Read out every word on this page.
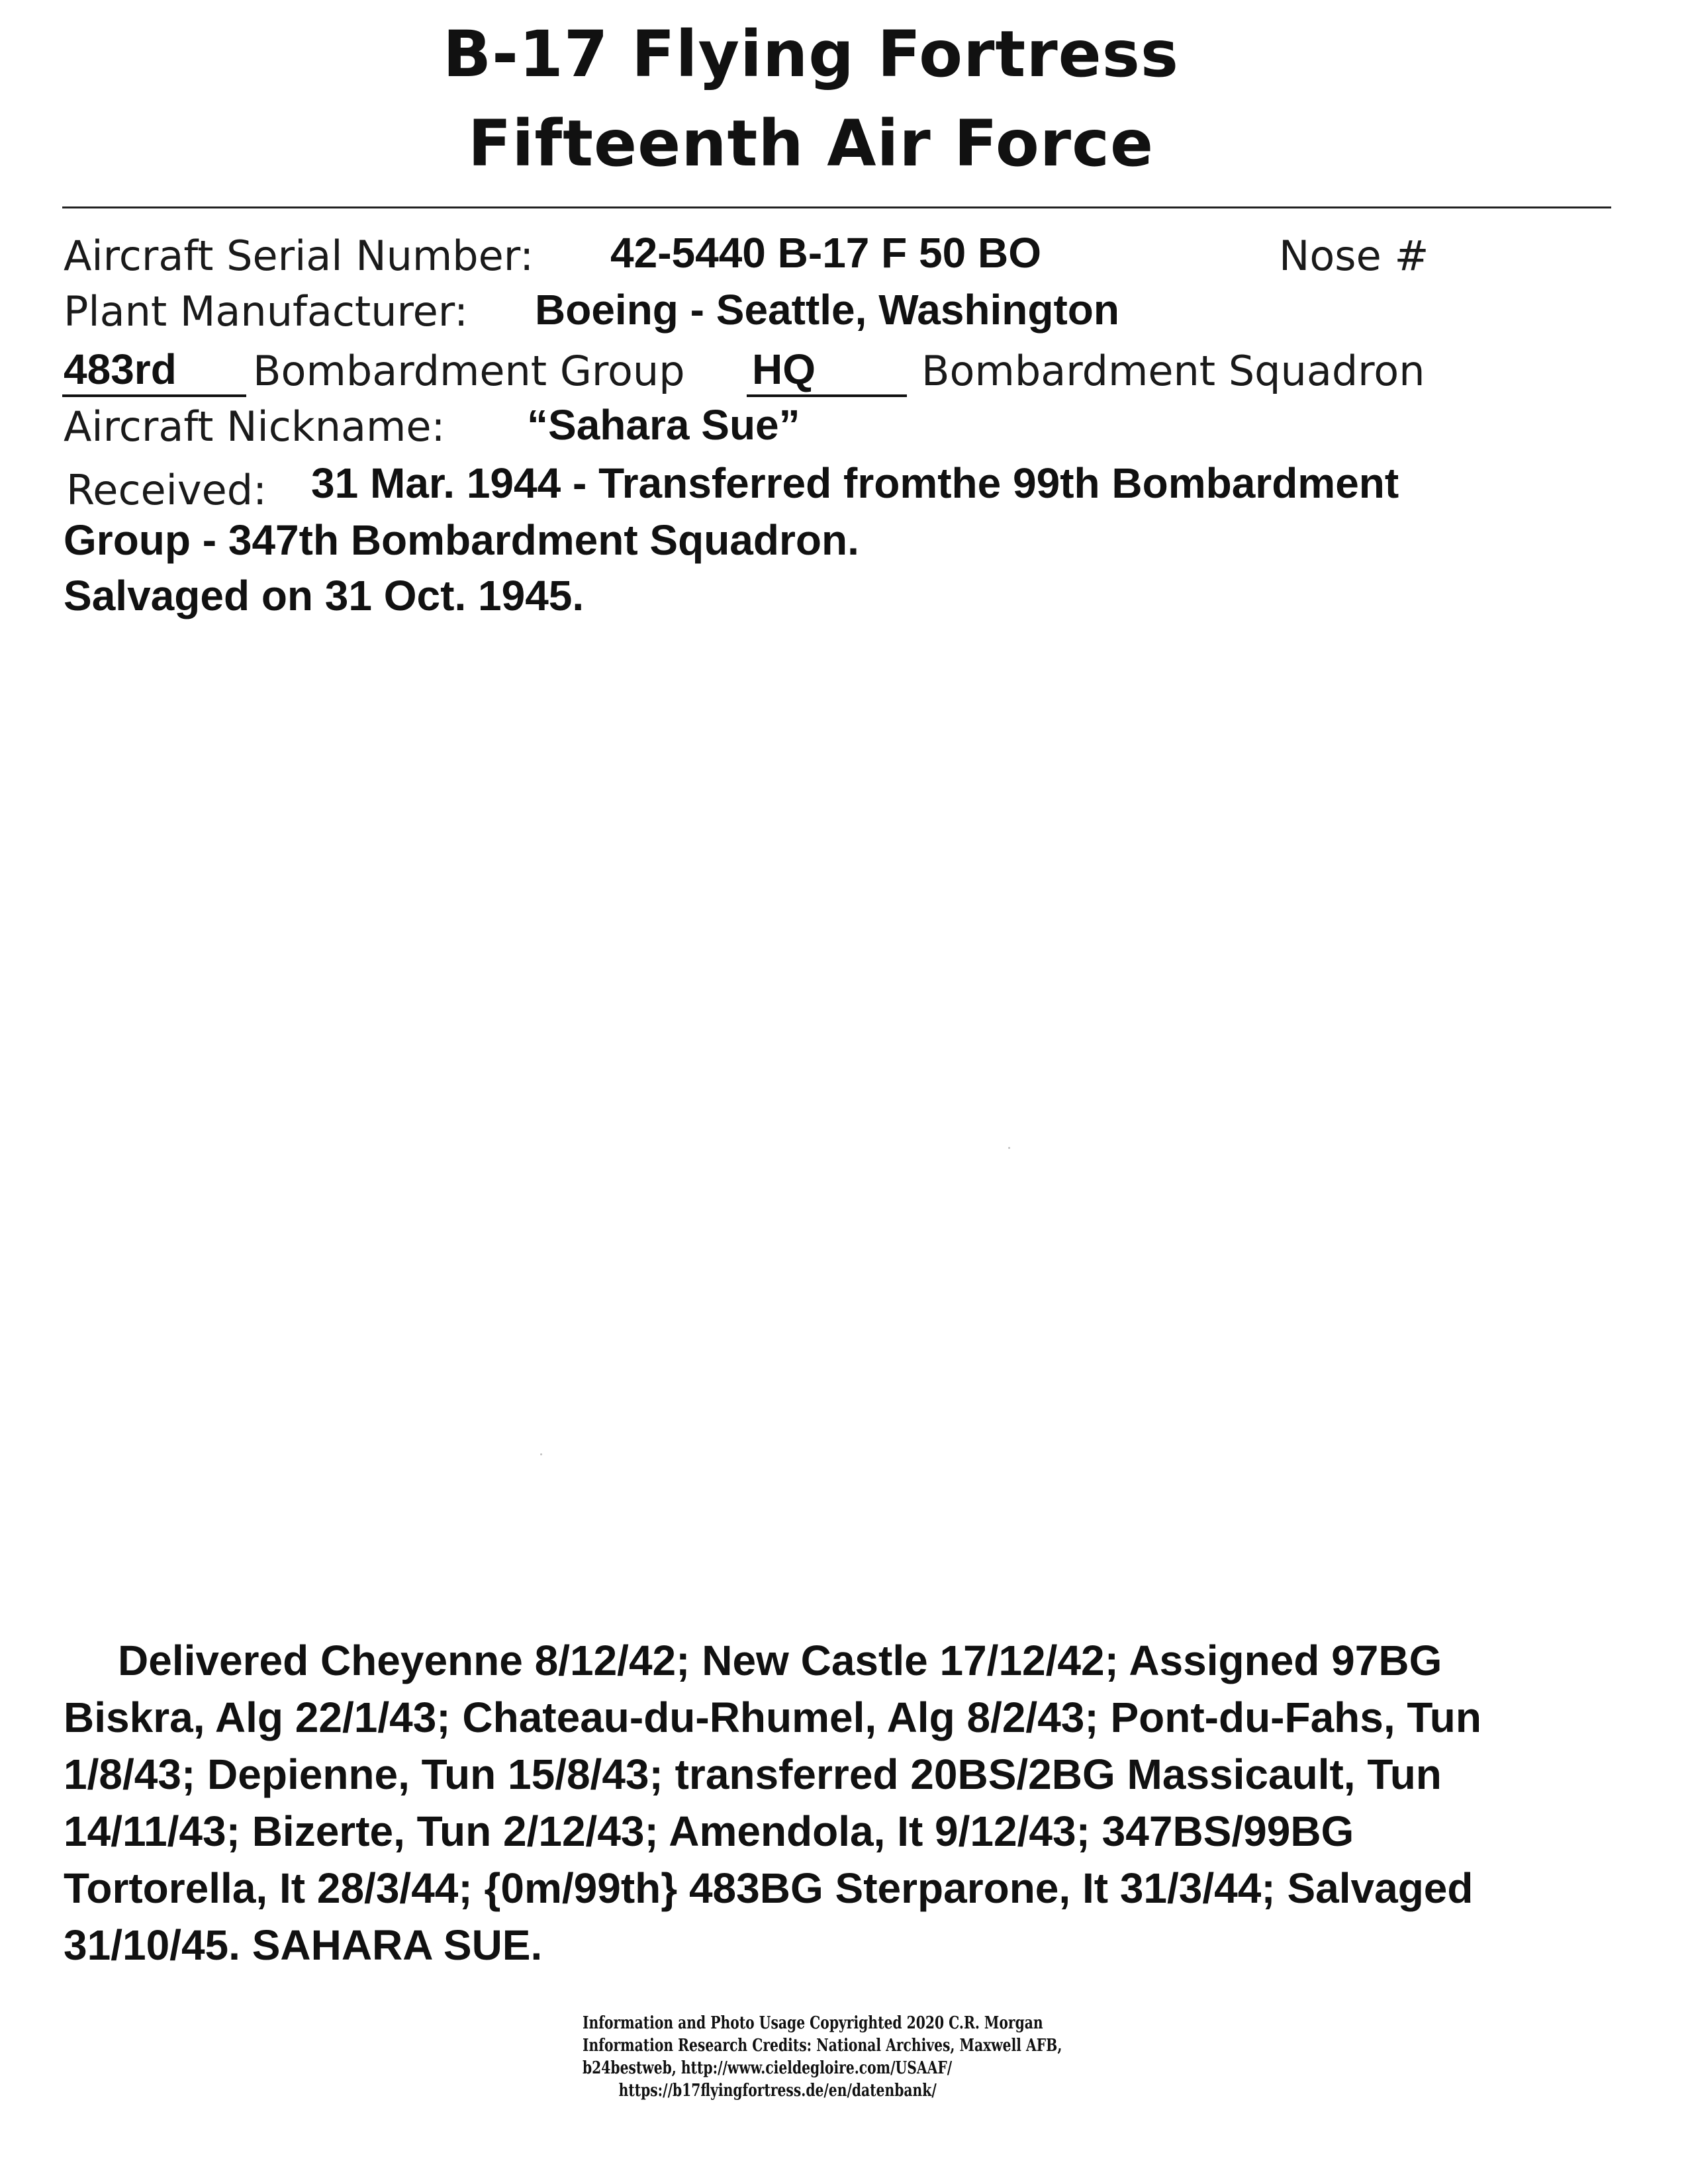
B-17 Flying Fortress
Fifteenth Air Force
Aircraft Serial Number: 42-5440 B-17 F 50 BO	Nose #
Plant Manufacturer: Boeing - Seattle, Washington
483rd Bombardment Group HQ	Bombardment Squadron
Aircraft Nickname: “Sahara Sue”
Received: 31 Mar. 1944 - Transferred fromthe 99th Bombardment
Group - 347th Bombardment Squadron.
Salvaged on 31 Oct. 1945.
Delivered Cheyenne 8/12/42; New Castle 17/12/42; Assigned 97BG
Biskra, Alg 22/1/43; Chateau-du-Rhumel, Alg 8/2/43; Pont-du-Fahs, Tun
1/8/43; Depienne, Tun 15/8/43; transferred 20BS/2BG Massicault, Tun
14/11/43; Bizerte, Tun 2/12/43; Amendola, It 9/12/43; 347BS/99BG
Tortorella, It 28/3/44; {0m/99th} 483BG Sterparone, It 31/3/44; Salvaged
31/10/45. SAHARA SUE.
Information and Photo Usage Copyrighted 2020 C.R. Morgan
Information Research Credits: National Archives, Maxwell AFB,
b24bestweb, http://www.cieldegloire.com/USAAF/
https://b17flyingfortress.de/en/datenbank/
